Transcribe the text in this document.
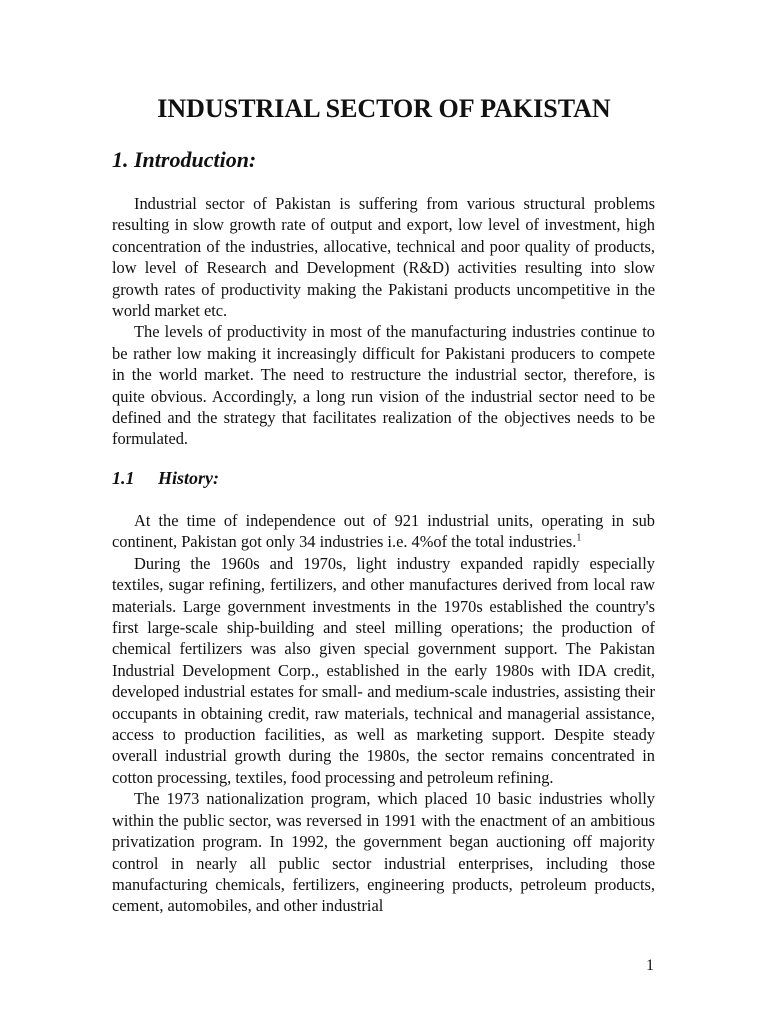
INDUSTRIAL SECTOR OF PAKISTAN
1. Introduction:

Industrial sector of Pakistan is suffering from various structural problems resulting in slow growth rate of output and export, low level of investment, high concentration of the industries, allocative, technical and poor quality of products, low level of Research and Development (R&D) activities resulting into slow growth rates of productivity making the Pakistani products uncompetitive in the world market etc.

The levels of productivity in most of the manufacturing industries continue to be rather low making it increasingly difficult for Pakistani producers to compete in the world market. The need to restructure the industrial sector, therefore, is quite obvious. Accordingly, a long run vision of the industrial sector need to be defined and the strategy that facilitates realization of the objectives needs to be formulated.

1.1 History:

At the time of independence out of 921 industrial units, operating in sub continent, Pakistan got only 34 industries i.e. 4%of the total industries.$^1$

During the 1960s and 1970s, light industry expanded rapidly especially textiles, sugar refining, fertilizers, and other manufactures derived from local raw materials. Large government investments in the 1970s established the country's first large-scale ship-building and steel milling operations; the production of chemical fertilizers was also given special government support. The Pakistan Industrial Development Corp., established in the early 1980s with IDA credit, developed industrial estates for small- and medium-scale industries, assisting their occupants in obtaining credit, raw materials, technical and managerial assistance, access to production facilities, as well as marketing support. Despite steady overall industrial growth during the 1980s, the sector remains concentrated in cotton processing, textiles, food processing and petroleum refining.

The 1973 nationalization program, which placed 10 basic industries wholly within the public sector, was reversed in 1991 with the enactment of an ambitious privatization program. In 1992, the government began auctioning off majority control in nearly all public sector industrial enterprises, including those manufacturing chemicals, fertilizers, engineering products, petroleum products, cement, automobiles, and other industrial

1
